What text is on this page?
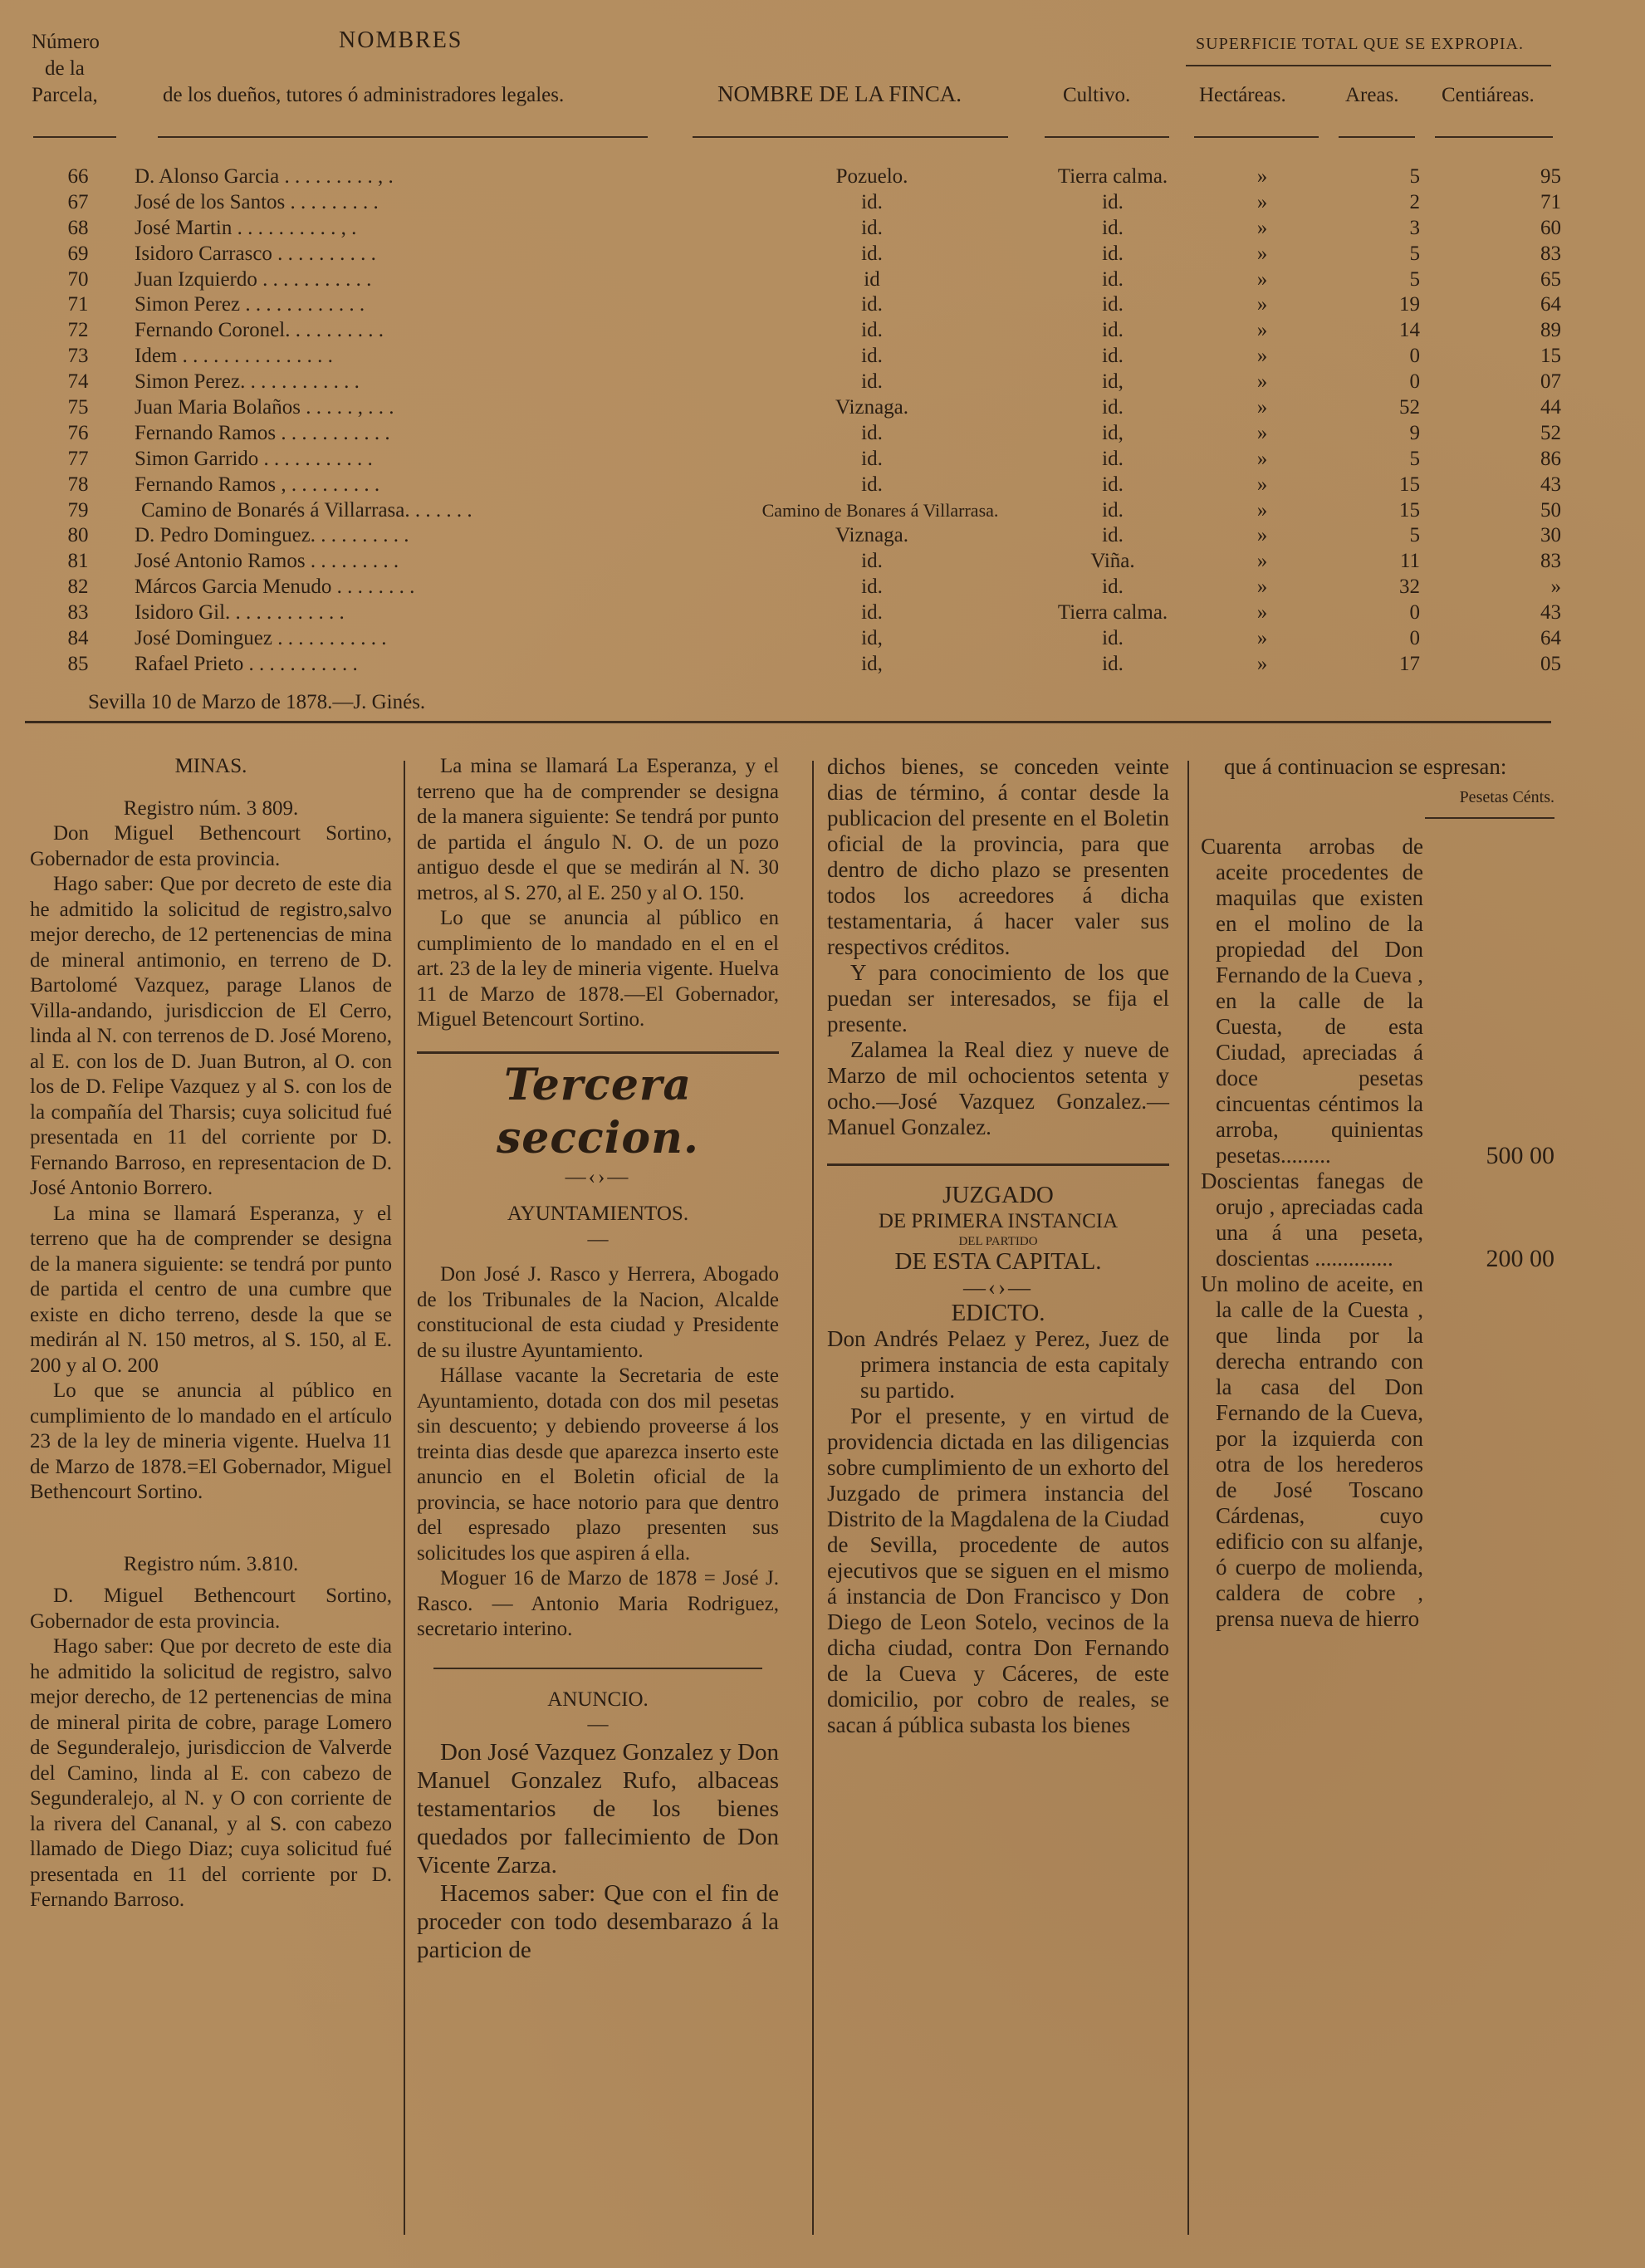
Número
de la
Parcela,
NOMBRES
de los dueños, tutores ó administradores legales.	NOMBRE DE LA FINCA.	Cultivo.
SUPERFICIE TOTAL QUE SE EXPROPIA.
Hectáreas.	Areas. Centiáreas.
66	D. Alonso Garcia . . . . . . . . . , .	Pozuelo.	Tierra calma.	»	5	95
67	José de los Santos . . . . . . . . .	id.	id.	»	2	71
68	José Martin . . . . . . . . . . , .	id.	id.	»	3	60
69	Isidoro Carrasco . . . . . . . . . .	id.	id.	»	5	83
70	Juan Izquierdo . . . . . . . . . . .	id	id.	»	5	65
71	Simon Perez . . . . . . . . . . . .	id.	id.	»	19	64
72	Fernando Coronel. . . . . . . . . .	id.	id.	»	14	89
73	Idem . . . . . . . . . . . . . . .	id.	id.	»	0	15
74	Simon Perez. . . . . . . . . . . .	id.	id,	»	0	07
75	Juan Maria Bolaños . . . . . , . . .	Viznaga.	id.	»	52	44
76	Fernando Ramos . . . . . . . . . . .	id.	id,	»	9	52
77	Simon Garrido . . . . . . . . . . .	id.	id.	»	5	86
78	Fernando Ramos , . . . . . . . . .	id.	id.	»	15	43
79	Camino de Bonarés á Villarrasa. . . . . . .	Camino de Bonares á Villarrasa.	id.	»	15	50
80	D. Pedro Dominguez. . . . . . . . . .	Viznaga.	id.	»	5	30
81	José Antonio Ramos . . . . . . . . .	id.	Viña.	»	11	83
82	Márcos Garcia Menudo . . . . . . . .	id.	id.	»	32	»
83	Isidoro Gil. . . . . . . . . . . .	id.	Tierra calma.	»	0	43
84	José Dominguez . . . . . . . . . . .	id,	id.	»	0	64
85	Rafael Prieto . . . . . . . . . . .	id,	id.	»	17	05
Sevilla 10 de Marzo de 1878.—J. Ginés.

MINAS.

Registro núm. 3 809.

Don Miguel Bethencourt Sortino, Gobernador de esta provincia.

Hago saber: Que por decreto de este dia he admitido la solicitud de registro,salvo mejor derecho, de 12 pertenencias de mina de mineral antimonio, en terreno de D. Bartolomé Vazquez, parage Llanos de Villa-andando, jurisdiccion de El Cerro, linda al N. con terrenos de D. José Moreno, al E. con los de D. Juan Butron, al O. con los de D. Felipe Vazquez y al S. con los de la compañía del Tharsis; cuya solicitud fué presentada en 11 del corriente por D. Fernando Barroso, en representacion de D. José Antonio Borrero.

La mina se llamará Esperanza, y el terreno que ha de comprender se designa de la manera siguiente: se tendrá por punto de partida el centro de una cumbre que existe en dicho terreno, desde la que se medirán al N. 150 metros, al S. 150, al E. 200 y al O. 200

Lo que se anuncia al público en cumplimiento de lo mandado en el artículo 23 de la ley de mineria vigente. Huelva 11 de Marzo de 1878.=El Gobernador, Miguel Bethencourt Sortino.

Registro núm. 3.810.

D. Miguel Bethencourt Sortino, Gobernador de esta provincia.

Hago saber: Que por decreto de este dia he admitido la solicitud de registro, salvo mejor derecho, de 12 pertenencias de mina de mineral pirita de cobre, parage Lomero de Segunderalejo, jurisdiccion de Valverde del Camino, linda al E. con cabezo de Segunderalejo, al N. y O con corriente de la rivera del Cananal, y al S. con cabezo llamado de Diego Diaz; cuya solicitud fué presentada en 11 del corriente por D. Fernando Barroso.

La mina se llamará La Esperanza, y el terreno que ha de comprender se designa de la manera siguiente: Se tendrá por punto de partida el ángulo N. O. de un pozo antiguo desde el que se medirán al N. 30 metros, al S. 270, al E. 250 y al O. 150.

Lo que se anuncia al público en cumplimiento de lo mandado en el en el art. 23 de la ley de mineria vigente. Huelva 11 de Marzo de 1878.—El Gobernador, Miguel Betencourt Sortino.

Tercera seccion.

—‹›—

AYUNTAMIENTOS.

—

Don José J. Rasco y Herrera, Abogado de los Tribunales de la Nacion, Alcalde constitucional de esta ciudad y Presidente de su ilustre Ayuntamiento.

Hállase vacante la Secretaria de este Ayuntamiento, dotada con dos mil pesetas sin descuento; y debiendo proveerse á los treinta dias desde que aparezca inserto este anuncio en el Boletin oficial de la provincia, se hace notorio para que dentro del espresado plazo presenten sus solicitudes los que aspiren á ella.

Moguer 16 de Marzo de 1878 = José J. Rasco. — Antonio Maria Rodriguez, secretario interino.

ANUNCIO.

—

Don José Vazquez Gonzalez y Don Manuel Gonzalez Rufo, albaceas testamentarios de los bienes quedados por fallecimiento de Don Vicente Zarza.

Hacemos saber: Que con el fin de proceder con todo desembarazo á la particion de

dichos bienes, se conceden veinte dias de término, á contar desde la publicacion del presente en el Boletin oficial de la provincia, para que dentro de dicho plazo se presenten todos los acreedores á dicha testamentaria, á hacer valer sus respectivos créditos.

Y para conocimiento de los que puedan ser interesados, se fija el presente.

Zalamea la Real diez y nueve de Marzo de mil ochocientos setenta y ocho.—José Vazquez Gonzalez.—Manuel Gonzalez.

JUZGADO

DE PRIMERA INSTANCIA

DEL PARTIDO

DE ESTA CAPITAL.

—‹›—

EDICTO.

Don Andrés Pelaez y Perez, Juez de primera instancia de esta capitaly su partido.

Por el presente, y en virtud de providencia dictada en las diligencias sobre cumplimiento de un exhorto del Juzgado de primera instancia del Distrito de la Magdalena de la Ciudad de Sevilla, procedente de autos ejecutivos que se siguen en el mismo á instancia de Don Francisco y Don Diego de Leon Sotelo, vecinos de la dicha ciudad, contra Don Fernando de la Cueva y Cáceres, de este domicilio, por cobro de reales, se sacan á pública subasta los bienes

que á continuacion se espresan:

Pesetas Cénts.

Cuarenta arrobas de aceite procedentes de maquilas que existen en el molino de la propiedad del Don Fernando de la Cueva , en la calle de la Cuesta, de esta Ciudad, apreciadas á doce pesetas cincuentas céntimos la arroba, quinientas pesetas.........	500 00

Doscientas fanegas de orujo , apreciadas cada una á una peseta, doscientas ..............	200 00

Un molino de aceite, en la calle de la Cuesta , que linda por la derecha entrando con la casa del Don Fernando de la Cueva, por la izquierda con otra de los herederos de José Toscano Cárdenas, cuyo edificio con su alfanje, ó cuerpo de molienda, caldera de cobre , prensa nueva de hierro
